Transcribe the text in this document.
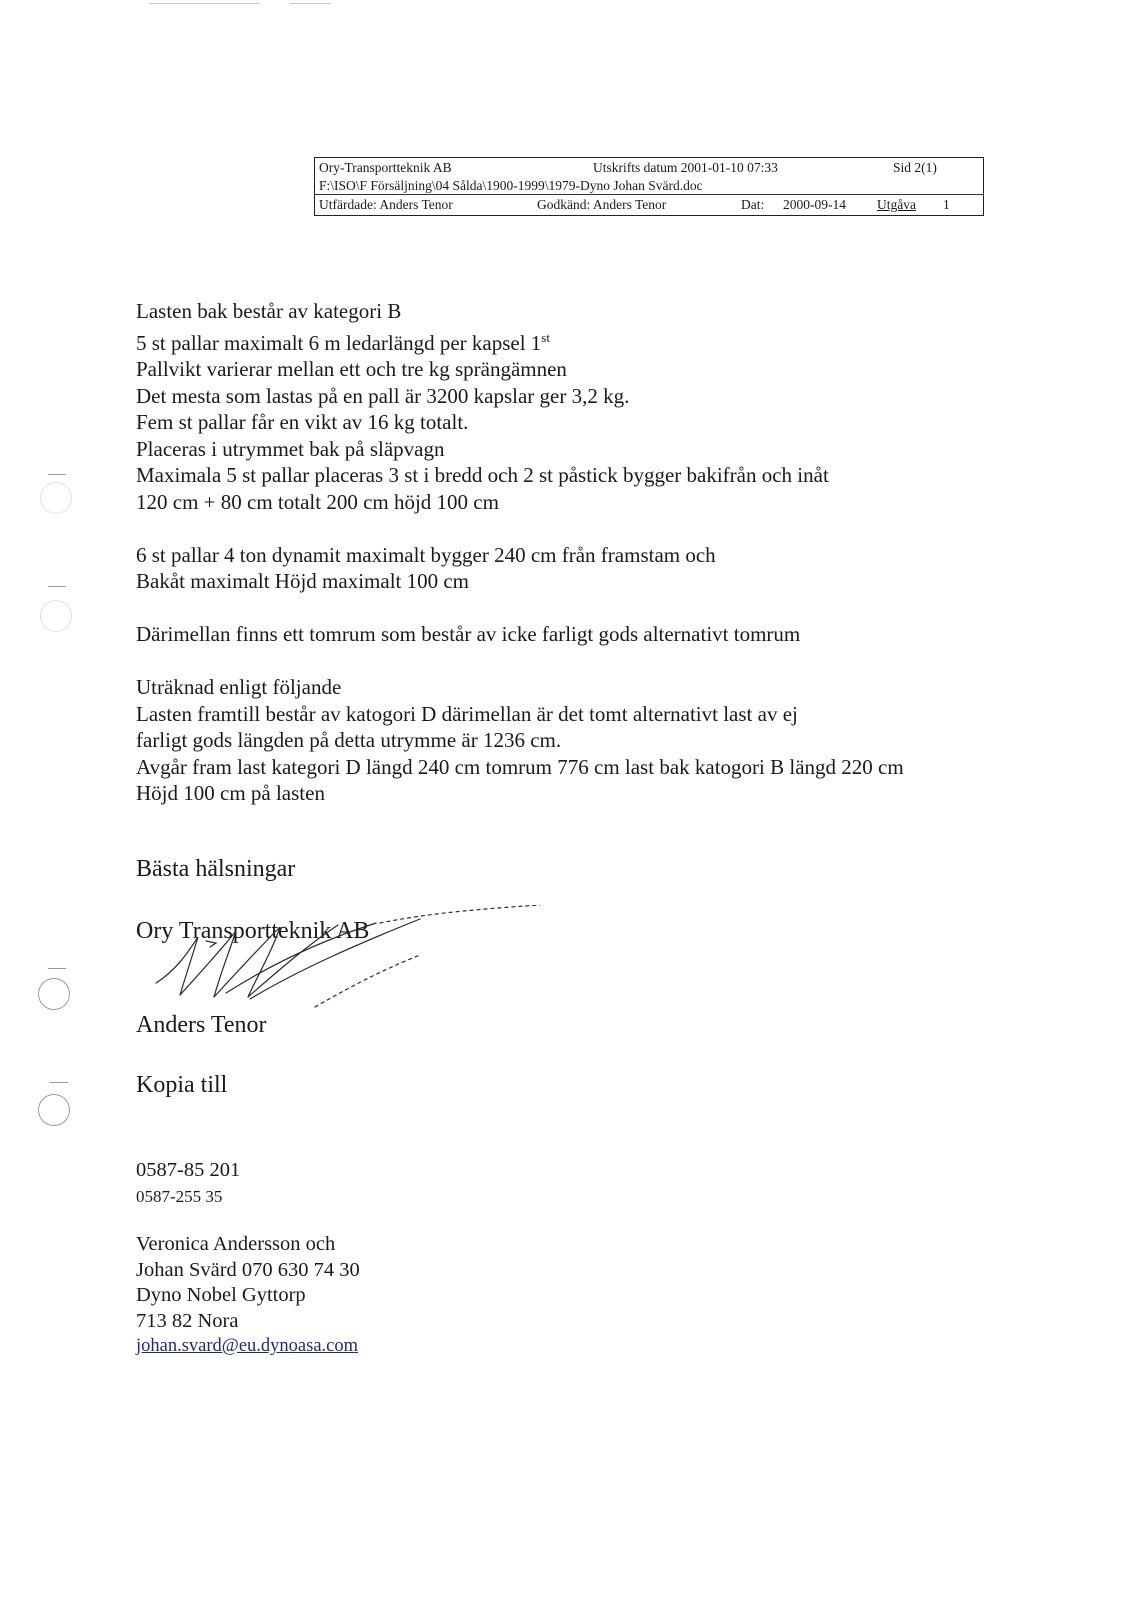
Ory-Transportteknik AB	Utskrifts datum 2001-01-10 07:33	Sid 2(1)
F:\ISO\F Försäljning\04 Sålda\1900-1999\1979-Dyno Johan Svärd.doc
Utfärdade: Anders Tenor	Godkänd: Anders Tenor	Dat: 2000-09-14 Utgåva 1

Lasten bak består av kategori B

5 st pallar maximalt 6 m ledarlängd per kapsel 1st

Pallvikt varierar mellan ett och tre kg sprängämnen

Det mesta som lastas på en pall är 3200 kapslar ger 3,2 kg.

Fem st pallar får en vikt av 16 kg totalt.

Placeras i utrymmet bak på släpvagn

Maximala 5 st pallar placeras 3 st i bredd och 2 st påstick bygger bakifrån och inåt

120 cm + 80 cm totalt 200 cm höjd 100 cm

6 st pallar 4 ton dynamit maximalt bygger 240 cm från framstam och

Bakåt maximalt Höjd maximalt 100 cm

Därimellan finns ett tomrum som består av icke farligt gods alternativt tomrum

Uträknad enligt följande

Lasten framtill består av katogori D därimellan är det tomt alternativt last av ej

farligt gods längden på detta utrymme är 1236 cm.

Avgår fram last kategori D längd 240 cm tomrum 776 cm last bak katogori B längd 220 cm

Höjd 100 cm på lasten

Bästa hälsningar
Ory Transportteknik AB
Anders Tenor
Kopia till

0587-85 201

0587-255 35

Veronica Andersson och

Johan Svärd 070 630 74 30

Dyno Nobel Gyttorp

713 82 Nora

johan.svard@eu.dynoasa.com
